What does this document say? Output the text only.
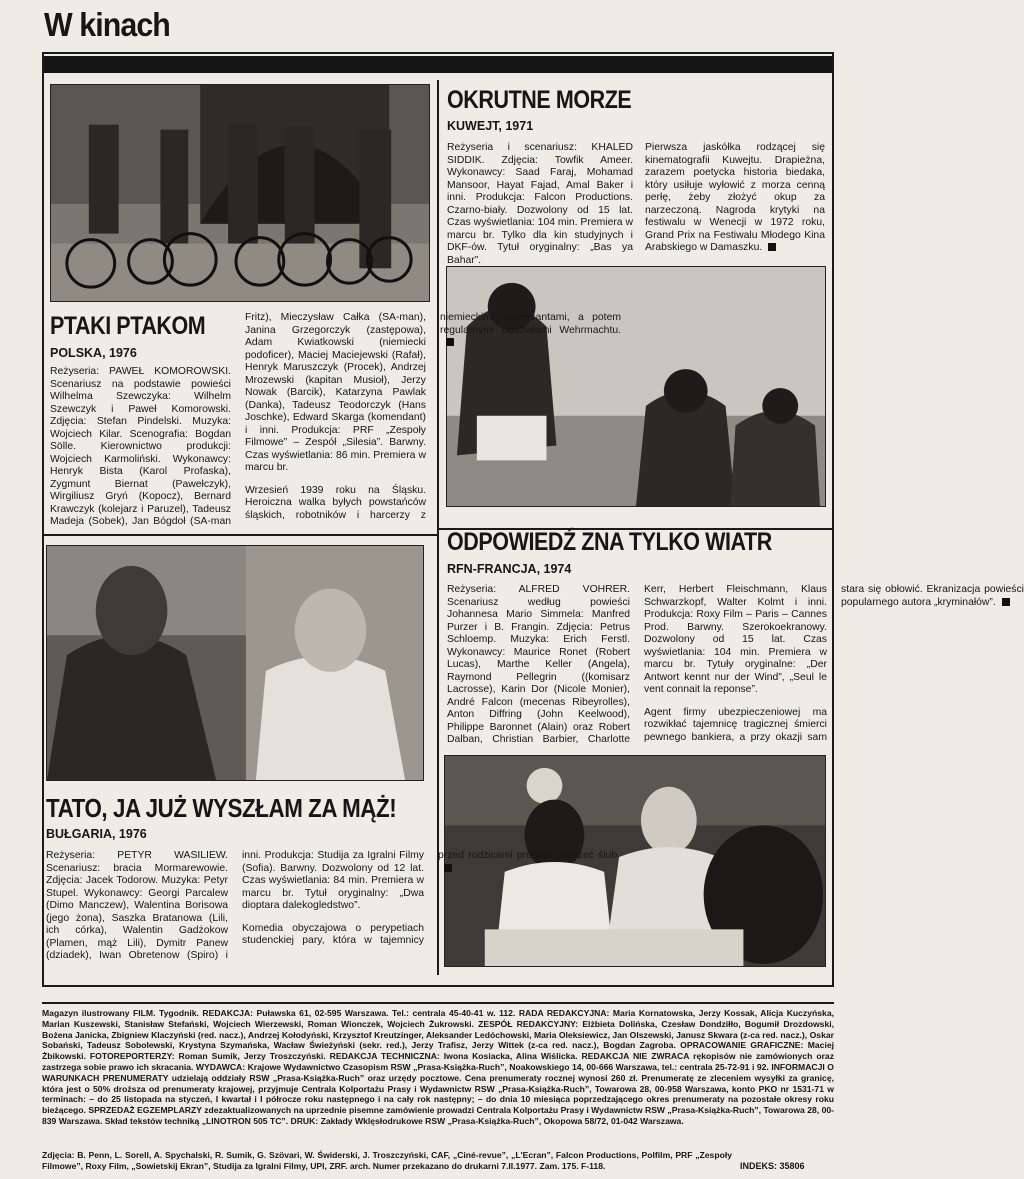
W kinach
OKRUTNE MORZE
KUWEJT, 1971

Reżyseria i scenariusz: KHALED SIDDIK. Zdjęcia: Towfik Ameer. Wykonawcy: Saad Faraj, Mohamad Mansoor, Hayat Fajad, Amal Baker i inni. Produkcja: Falcon Productions. Czarno-biały. Dozwolony od 15 lat. Czas wyświetlania: 104 min. Premiera w marcu br. Tylko dla kin studyjnych i DKF-ów. Tytuł oryginalny: „Bas ya Bahar”.

Pierwsza jaskółka rodzącej się kinematografii Kuwejtu. Drapieżna, zarazem poetycka historia biedaka, który usiłuje wyłowić z morza cenną perłę, żeby złożyć okup za narzeczoną. Nagroda krytyki na festiwalu w Wenecji w 1972 roku, Grand Prix na Festiwalu Młodego Kina Arabskiego w Damaszku.

PTAKI PTAKOM
POLSKA, 1976

Reżyseria: PAWEŁ KOMOROWSKI. Scenariusz na podstawie powieści Wilhelma Szewczyka: Wilhelm Szewczyk i Paweł Komorowski. Zdjęcia: Stefan Pindelski. Muzyka: Wojciech Kilar. Scenografia: Bogdan Sölle. Kierownictwo produkcji: Wojciech Karmoliński. Wykonawcy: Henryk Bista (Karol Profaska), Zygmunt Biernat (Pawełczyk), Wirgiliusz Gryń (Kopocz), Bernard Krawczyk (kolejarz i Paruzel), Tadeusz Madeja (Sobek), Jan Bógdoł (SA-man Fritz), Mieczysław Całka (SA-man), Janina Grzegorczyk (zastępowa), Adam Kwiatkowski (niemiecki podoficer), Maciej Maciejewski (Rafał), Henryk Maruszczyk (Procek), Andrzej Mrozewski (kapitan Musioł), Jerzy Nowak (Barcik), Katarzyna Pawlak (Danka), Tadeusz Teodorczyk (Hans Joschke), Edward Skarga (komendant) i inni. Produkcja: PRF „Zespoły Filmowe” – Zespół „Silesia”. Barwny. Czas wyświetlania: 86 min. Premiera w marcu br.

Wrzesień 1939 roku na Śląsku. Heroiczna walka byłych powstańców śląskich, robotników i harcerzy z niemieckimi dywersantami, a potem regularnymi oddziałami Wehrmachtu.

ODPOWIEDŹ ZNA TYLKO WIATR
RFN-FRANCJA, 1974

Reżyseria: ALFRED VOHRER. Scenariusz według powieści Johannesa Mario Simmela: Manfred Purzer i B. Frangin. Zdjęcia: Petrus Schloemp. Muzyka: Erich Ferstl. Wykonawcy: Maurice Ronet (Robert Lucas), Marthe Keller (Angela), Raymond Pellegrin ((komisarz Lacrosse), Karin Dor (Nicole Monier), André Falcon (mecenas Ribeyrolles), Anton Diffring (John Keelwood), Philippe Baronnet (Alain) oraz Robert Dalban, Christian Barbier, Charlotte Kerr, Herbert Fleischmann, Klaus Schwarzkopf, Walter Kolmt i inni. Produkcja: Roxy Film – Paris – Cannes Prod. Barwny. Szerokoekranowy. Dozwolony od 15 lat. Czas wyświetlania: 104 min. Premiera w marcu br. Tytuły oryginalne: „Der Antwort kennt nur der Wind”, „Seul le vent connait la reponse”.

Agent firmy ubezpieczeniowej ma rozwikłać tajemnicę tragicznej śmierci pewnego bankiera, a przy okazji sam stara się obłowić. Ekranizacja powieści popularnego autora „kryminałów”.

TATO, JA JUŻ WYSZŁAM ZA MĄŻ!
BUŁGARIA, 1976

Reżyseria: PETYR WASILIEW. Scenariusz: bracia Mormarewowie. Zdjęcia: Jacek Todorow. Muzyka: Petyr Stupel. Wykonawcy: Georgi Parcalew (Dimo Manczew), Walentina Borisowa (jego żona), Saszka Bratanowa (Lili, ich córka), Walentin Gadżokow (Plamen, mąż Lili), Dymitr Panew (dziadek), Iwan Obretenow (Spiro) i inni. Produkcja: Studija za Igralni Filmy (Sofia). Barwny. Dozwolony od 12 lat. Czas wyświetlania: 84 min. Premiera w marcu br. Tytuł oryginalny: „Dwa dioptara dalekogledstwo”.

Komedia obyczajowa o perypetiach studenckiej pary, która w tajemnicy przed rodzicami próbuje zawrzeć ślub.

Magazyn ilustrowany FILM. Tygodnik. REDAKCJA: Puławska 61, 02-595 Warszawa. Tel.: centrala 45-40-41 w. 112. RADA REDAKCYJNA: Maria Kornatowska, Jerzy Kossak, Alicja Kuczyńska, Marian Kuszewski, Stanisław Stefański, Wojciech Wierzewski, Roman Wionczek, Wojciech Żukrowski. ZESPÓŁ REDAKCYJNY: Elżbieta Dolińska, Czesław Dondziłło, Bogumił Drozdowski, Bożena Janicka, Zbigniew Klaczyński (red. nacz.), Andrzej Kołodyński, Krzysztof Kreutzinger, Aleksander Ledóchowski, Maria Oleksiewicz, Jan Olszewski, Janusz Skwara (z-ca red. nacz.), Oskar Sobański, Tadeusz Sobolewski, Krystyna Szymańska, Wacław Świeżyński (sekr. red.), Jerzy Trafisz, Jerzy Wittek (z-ca red. nacz.), Bogdan Zagroba. OPRACOWANIE GRAFICZNE: Maciej Żbikowski. FOTOREPORTERZY: Roman Sumik, Jerzy Troszczyński. REDAKCJA TECHNICZNA: Iwona Kosiacka, Alina Wiślicka. REDAKCJA NIE ZWRACA rękopisów nie zamówionych oraz zastrzega sobie prawo ich skracania. WYDAWCA: Krajowe Wydawnictwo Czasopism RSW „Prasa-Książka-Ruch”, Noakowskiego 14, 00-666 Warszawa, tel.: centrala 25-72-91 i 92. INFORMACJI O WARUNKACH PRENUMERATY udzielają oddziały RSW „Prasa-Książka-Ruch” oraz urzędy pocztowe. Cena prenumeraty rocznej wynosi 260 zł. Prenumeratę ze zleceniem wysyłki za granicę, która jest o 50% droższa od prenumeraty krajowej, przyjmuje Centrala Kolportażu Prasy i Wydawnictw RSW „Prasa-Książka-Ruch”, Towarowa 28, 00-958 Warszawa, konto PKO nr 1531-71 w terminach: – do 25 listopada na styczeń, I kwartał i I półrocze roku następnego i na cały rok następny; – do dnia 10 miesiąca poprzedzającego okres prenumeraty na pozostałe okresy roku bieżącego. SPRZEDAŻ EGZEMPLARZY zdezaktualizowanych na uprzednie pisemne zamówienie prowadzi Centrala Kolportażu Prasy i Wydawnictw RSW „Prasa-Książka-Ruch”, Towarowa 28, 00-839 Warszawa. Skład tekstów techniką „LINOTRON 505 TC”. DRUK: Zakłady Wklęsłodrukowe RSW „Prasa-Książka-Ruch”, Okopowa 58/72, 01-042 Warszawa.

Zdjęcia: B. Penn, L. Sorell, A. Spychalski, R. Sumik, G. Szövari, W. Świderski, J. Troszczyński, CAF, „Ciné-revue”, „L'Ecran”, Falcon Productions, Polfilm, PRF „Zespoły Filmowe”, Roxy Film, „Sowietskij Ekran”, Studija za Igralni Filmy, UPI, ZRF. arch. Numer przekazano do drukarni 7.II.1977. Zam. 175. F-118.	INDEKS: 35806
